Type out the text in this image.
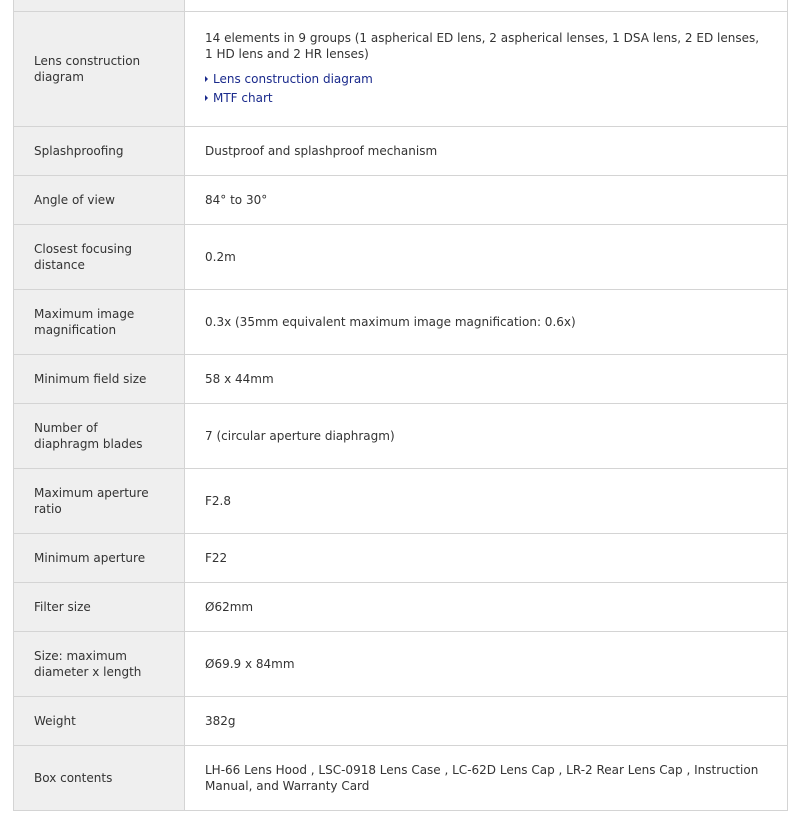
Lens construction diagram	14 elements in 9 groups (1 aspherical ED lens, 2 aspherical lenses, 1 DSA lens, 2 ED lenses, 1 HD lens and 2 HR lenses)
Lens construction diagram
MTF chart

Splashproofing	Dustproof and splashproof mechanism
Angle of view	84° to 30°
Closest focusing distance	0.2m
Maximum image magnification	0.3x (35mm equivalent maximum image magnification: 0.6x)
Minimum field size	58 x 44mm
Number of diaphragm blades	7 (circular aperture diaphragm)
Maximum aperture ratio	F2.8
Minimum aperture	F22
Filter size	Ø62mm
Size: maximum diameter x length	Ø69.9 x 84mm
Weight	382g
Box contents	LH-66 Lens Hood , LSC-0918 Lens Case , LC-62D Lens Cap , LR-2 Rear Lens Cap , Instruction Manual, and Warranty Card
